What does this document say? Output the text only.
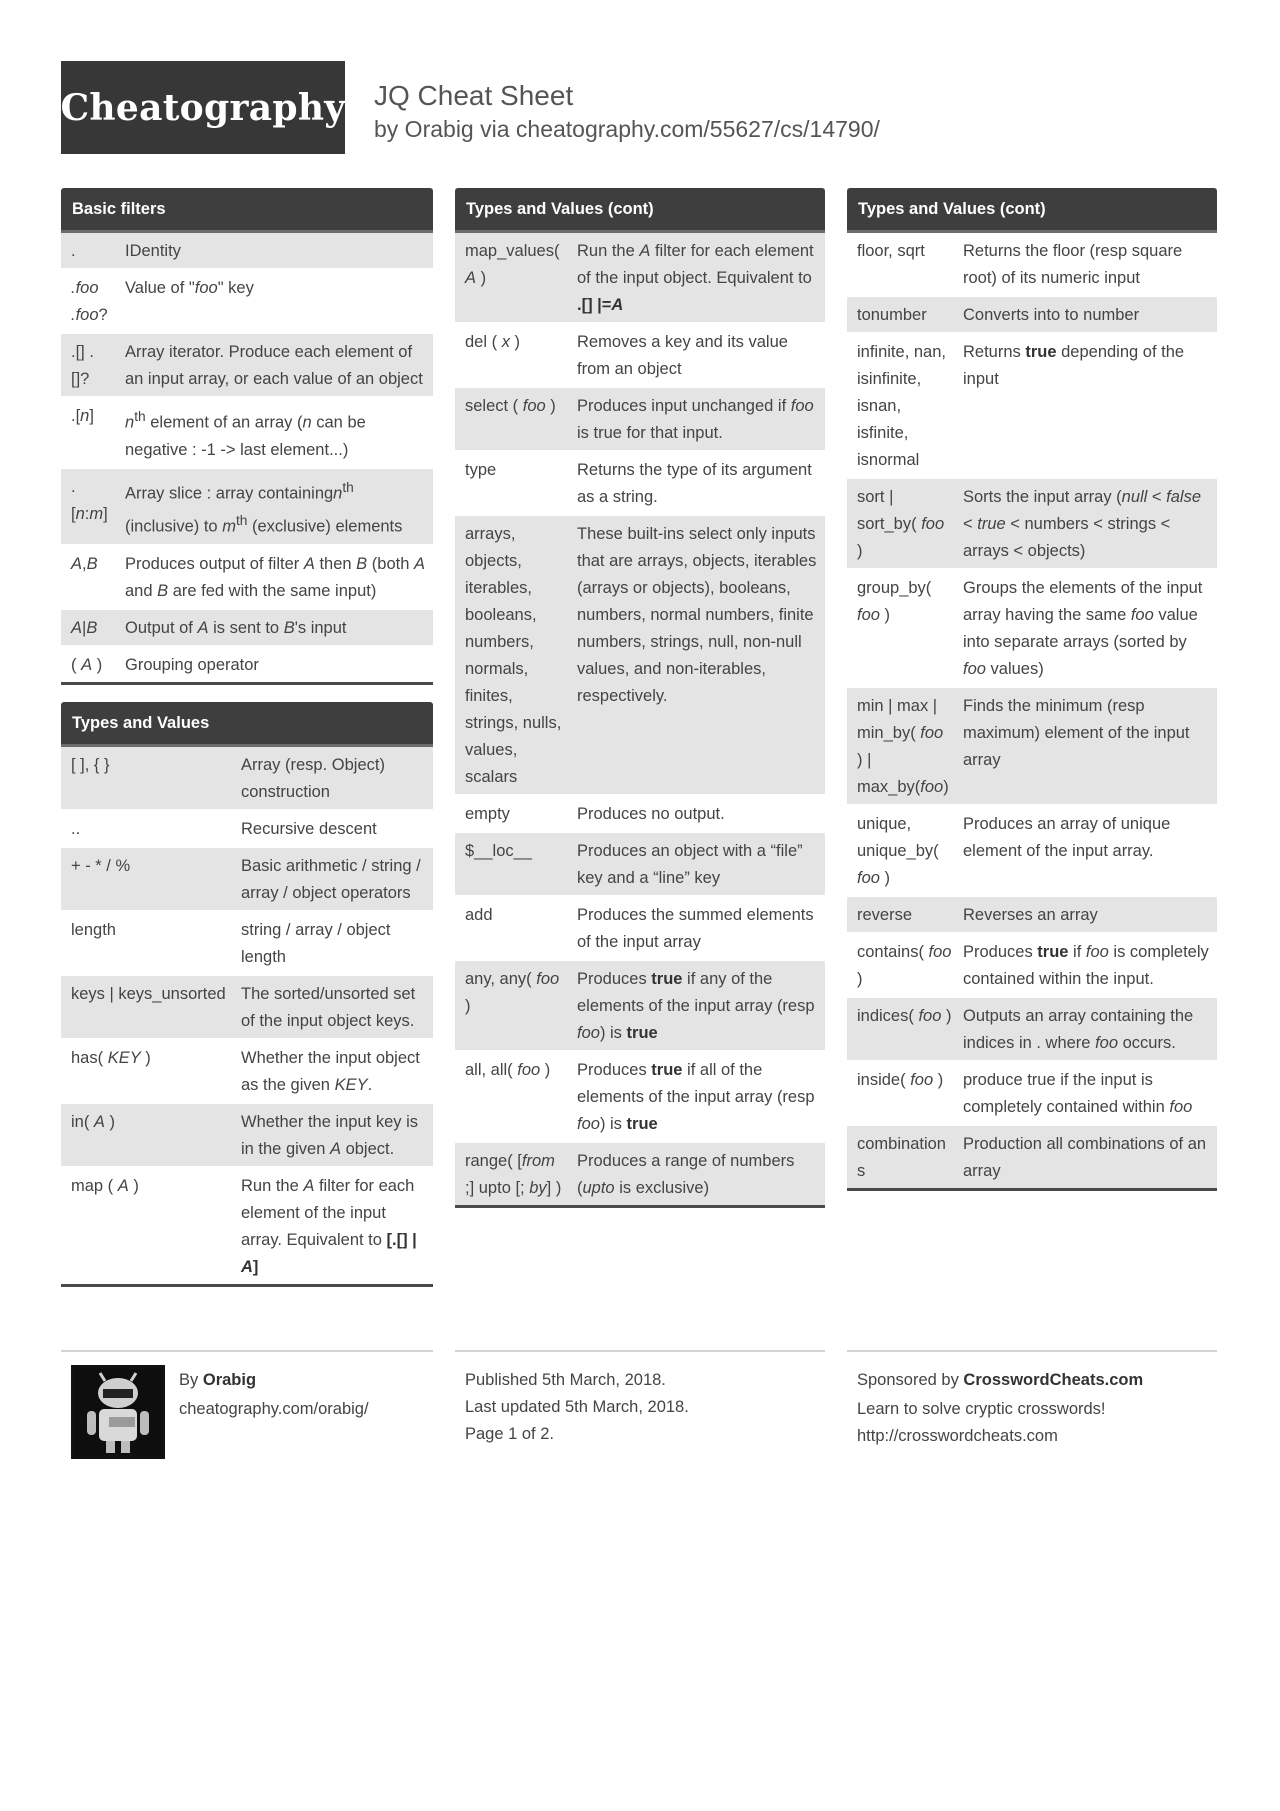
Cheatography JQ Cheat Sheet
by Orabig via cheatography.com/55627/cs/14790/
Basic filters
.	IDentity
.foo
.foo?	Value of "foo" key
.[] .
[]?	Array iterator. Produce each element of an input array, or each value of an object
.[n]	$n^{th}$ element of an array (n can be negative : -1 -> last element...)
.
[n:m]	Array slice : array containingn$^{th}$ (inclusive) to $m^{th}$ (exclusive) elements
A,B	Produces output of filter A then B (both A and B are fed with the same input)
A|B	Output of A is sent to B's input
( A )	Grouping operator
Types and Values
[ ], { }	Array (resp. Object) construction
..	Recursive descent
+ - * / %	Basic arithmetic / string / array / object operators
length	string / array / object length
keys | keys_unsorted	The sorted/unsorted set of the input object keys.
has( KEY )	Whether the input object as the given KEY.
in( A )	Whether the input key is in the given A object.
map ( A )	Run the A filter for each element of the input array. Equivalent to [.[] | A]
Types and Values (cont)
map_values( A )	Run the A filter for each element of the input object. Equivalent to .[] |=A
del ( x )	Removes a key and its value from an object
select ( foo )	Produces input unchanged if foo is true for that input.
type	Returns the type of its argument as a string.
arrays, objects, iterables, booleans, numbers, normals, finites, strings, nulls, values, scalars	These built-ins select only inputs that are arrays, objects, iterables (arrays or objects), booleans, numbers, normal numbers, finite numbers, strings, null, non-null values, and non-iterables, respectively.
empty	Produces no output.
$__loc__	Produces an object with a “file” key and a “line” key
add	Produces the summed elements of the input array
any, any( foo )	Produces true if any of the elements of the input array (resp foo) is true
all, all( foo )	Produces true if all of the elements of the input array (resp foo) is true
range( [from ;] upto [; by] )	Produces a range of numbers (upto is exclusive)
Types and Values (cont)
floor, sqrt	Returns the floor (resp square root) of its numeric input
tonumber	Converts into to number
infinite, nan, isinfinite, isnan, isfinite, isnormal	Returns true depending of the input
sort | sort_by( foo )	Sorts the input array (null < false < true < numbers < strings < arrays < objects)
group_by( foo )	Groups the elements of the input array having the same foo value into separate arrays (sorted by foo values)
min | max | min_by( foo ) | max_by(foo)	Finds the minimum (resp maximum) element of the input array
unique, unique_by( foo )	Produces an array of unique element of the input array.
reverse	Reverses an array
contains( foo )	Produces true if foo is completely contained within the input.
indices( foo )	Outputs an array containing the indices in . where foo occurs.
inside( foo )	produce true if the input is completely contained within foo
combinations	Production all combinations of an array
By Orabig
cheatography.com/orabig/
Published 5th March, 2018.
Last updated 5th March, 2018.
Page 1 of 2.
Sponsored by CrosswordCheats.com
Learn to solve cryptic crosswords!
http://crosswordcheats.com
